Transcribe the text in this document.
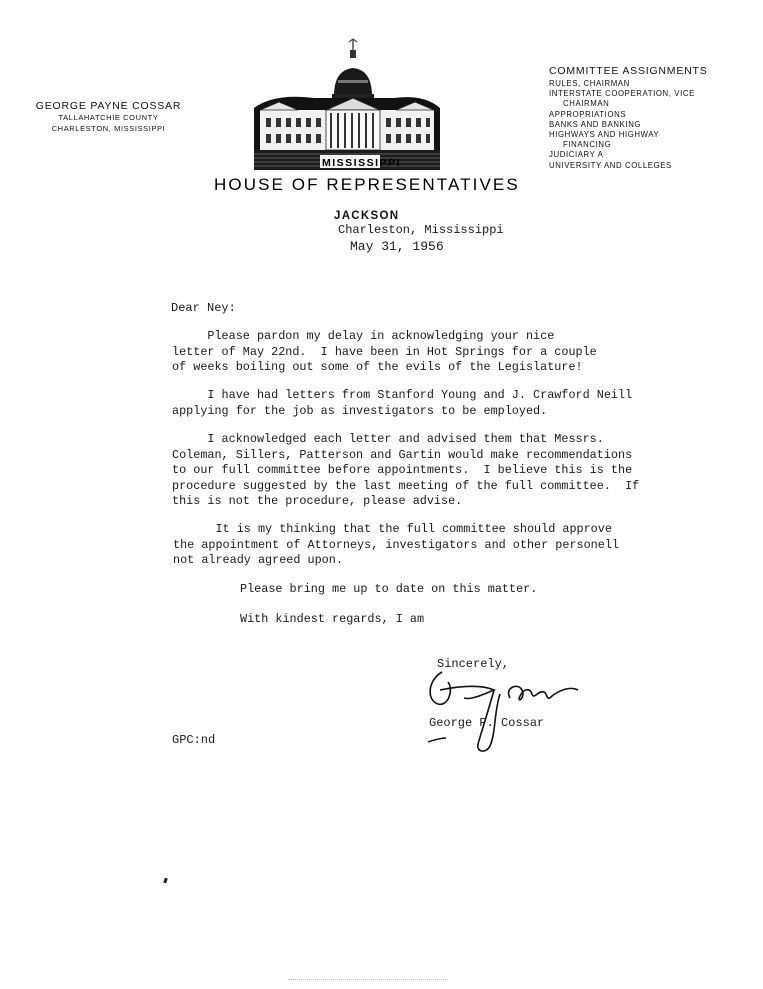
GEORGE PAYNE COSSAR
TALLAHATCHIE COUNTY
CHARLESTON, MISSISSIPPI
MISSISSIPPI
HOUSE OF REPRESENTATIVES
COMMITTEE ASSIGNMENTS
RULES, CHAIRMAN
INTERSTATE COOPERATION, VICE
CHAIRMAN
APPROPRIATIONS
BANKS AND BANKING
HIGHWAYS AND HIGHWAY
FINANCING
JUDICIARY A
UNIVERSITY AND COLLEGES
JACKSON
Charleston, Mississippi
May 31, 1956
Dear Ney:
Please pardon my delay in acknowledging your nice
letter of May 22nd.  I have been in Hot Springs for a couple
of weeks boiling out some of the evils of the Legislature!
I have had letters from Stanford Young and J. Crawford Neill
applying for the job as investigators to be employed.
I acknowledged each letter and advised them that Messrs.
Coleman, Sillers, Patterson and Gartin would make recommendations
to our full committee before appointments.  I believe this is the
procedure suggested by the last meeting of the full committee.  If
this is not the procedure, please advise.
It is my thinking that the full committee should approve
the appointment of Attorneys, investigators and other personell
not already agreed upon.
Please bring me up to date on this matter.
With kindest regards, I am
Sincerely,
George P. Cossar
GPC:nd
